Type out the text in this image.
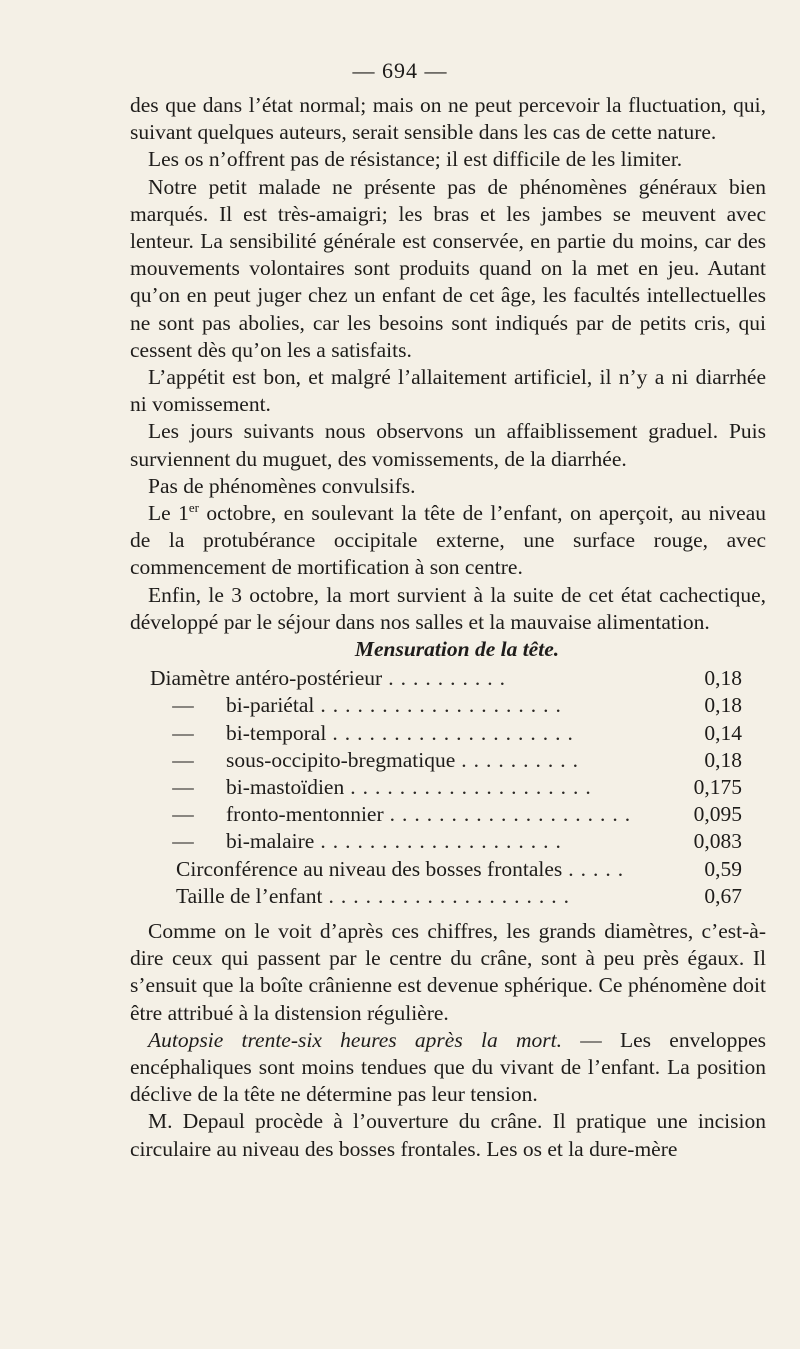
— 694 —

des que dans l’état normal; mais on ne peut percevoir la fluctuation, qui, suivant quelques auteurs, serait sensible dans les cas de cette nature.

Les os n’offrent pas de résistance; il est difficile de les limiter.

Notre petit malade ne présente pas de phénomènes généraux bien marqués. Il est très-amaigri; les bras et les jambes se meuvent avec lenteur. La sensibilité générale est conservée, en partie du moins, car des mouvements volontaires sont produits quand on la met en jeu. Autant qu’on en peut juger chez un enfant de cet âge, les facultés intellectuelles ne sont pas abolies, car les besoins sont indiqués par de petits cris, qui cessent dès qu’on les a satisfaits.

L’appétit est bon, et malgré l’allaitement artificiel, il n’y a ni diarrhée ni vomissement.

Les jours suivants nous observons un affaiblissement graduel. Puis surviennent du muguet, des vomissements, de la diarrhée.

Pas de phénomènes convulsifs.

Le 1er octobre, en soulevant la tête de l’enfant, on aperçoit, au niveau de la protubérance occipitale externe, une surface rouge, avec commencement de mortification à son centre.

Enfin, le 3 octobre, la mort survient à la suite de cet état cachectique, développé par le séjour dans nos salles et la mauvaise alimentation.

Mensuration de la tête.

Diamètre antéro-postérieur ..........	0,18
—	bi-pariétal ....................	0,18
—	bi-temporal ....................	0,14
—	sous-occipito-bregmatique ..........	0,18
—	bi-mastoïdien ....................	0,175
—	fronto-mentonnier ....................	0,095
—	bi-malaire ....................	0,083
Circonférence au niveau des bosses frontales .....	0,59
Taille de l’enfant ....................	0,67

Comme on le voit d’après ces chiffres, les grands diamètres, c’est-à-dire ceux qui passent par le centre du crâne, sont à peu près égaux. Il s’ensuit que la boîte crânienne est devenue sphérique. Ce phénomène doit être attribué à la distension régulière.

Autopsie trente-six heures après la mort. — Les enveloppes encéphaliques sont moins tendues que du vivant de l’enfant. La position déclive de la tête ne détermine pas leur tension.

M. Depaul procède à l’ouverture du crâne. Il pratique une incision circulaire au niveau des bosses frontales. Les os et la dure-mère
